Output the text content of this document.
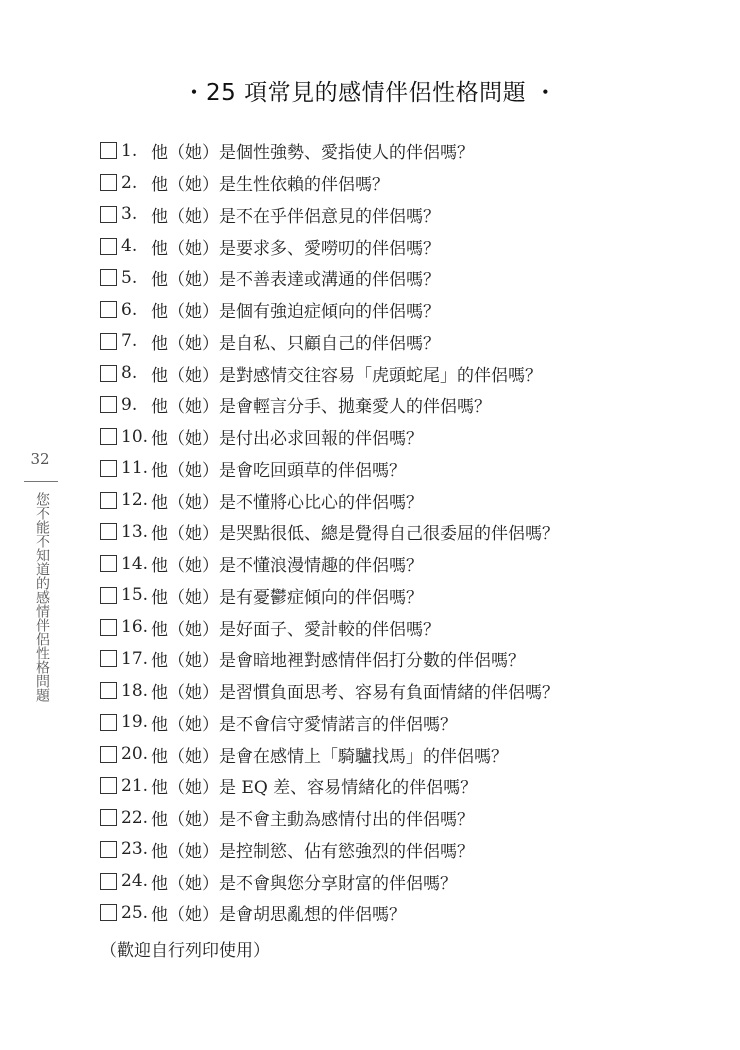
・25 項常見的感情伴侶性格問題 ・
1. 他（她）是個性強勢、愛指使人的伴侶嗎？
2. 他（她）是生性依賴的伴侶嗎？
3. 他（她）是不在乎伴侶意見的伴侶嗎？
4. 他（她）是要求多、愛嘮叨的伴侶嗎？
5. 他（她）是不善表達或溝通的伴侶嗎？
6. 他（她）是個有強迫症傾向的伴侶嗎？
7. 他（她）是自私、只顧自己的伴侶嗎？
8. 他（她）是對感情交往容易「虎頭蛇尾」的伴侶嗎？
9. 他（她）是會輕言分手、拋棄愛人的伴侶嗎？
10. 他（她）是付出必求回報的伴侶嗎？
11. 他（她）是會吃回頭草的伴侶嗎？
12. 他（她）是不懂將心比心的伴侶嗎？
13. 他（她）是哭點很低、總是覺得自己很委屈的伴侶嗎？
14. 他（她）是不懂浪漫情趣的伴侶嗎？
15. 他（她）是有憂鬱症傾向的伴侶嗎？
16. 他（她）是好面子、愛計較的伴侶嗎？
17. 他（她）是會暗地裡對感情伴侶打分數的伴侶嗎？
18. 他（她）是習慣負面思考、容易有負面情緒的伴侶嗎？
19. 他（她）是不會信守愛情諾言的伴侶嗎？
20. 他（她）是會在感情上「騎驢找馬」的伴侶嗎？
21. 他（她）是 EQ 差、容易情緒化的伴侶嗎？
22. 他（她）是不會主動為感情付出的伴侶嗎？
23. 他（她）是控制慾、佔有慾強烈的伴侶嗎？
24. 他（她）是不會與您分享財富的伴侶嗎？
25. 他（她）是會胡思亂想的伴侶嗎？
（歡迎自行列印使用）
32
您不能不知道的感情伴侶性格問題
